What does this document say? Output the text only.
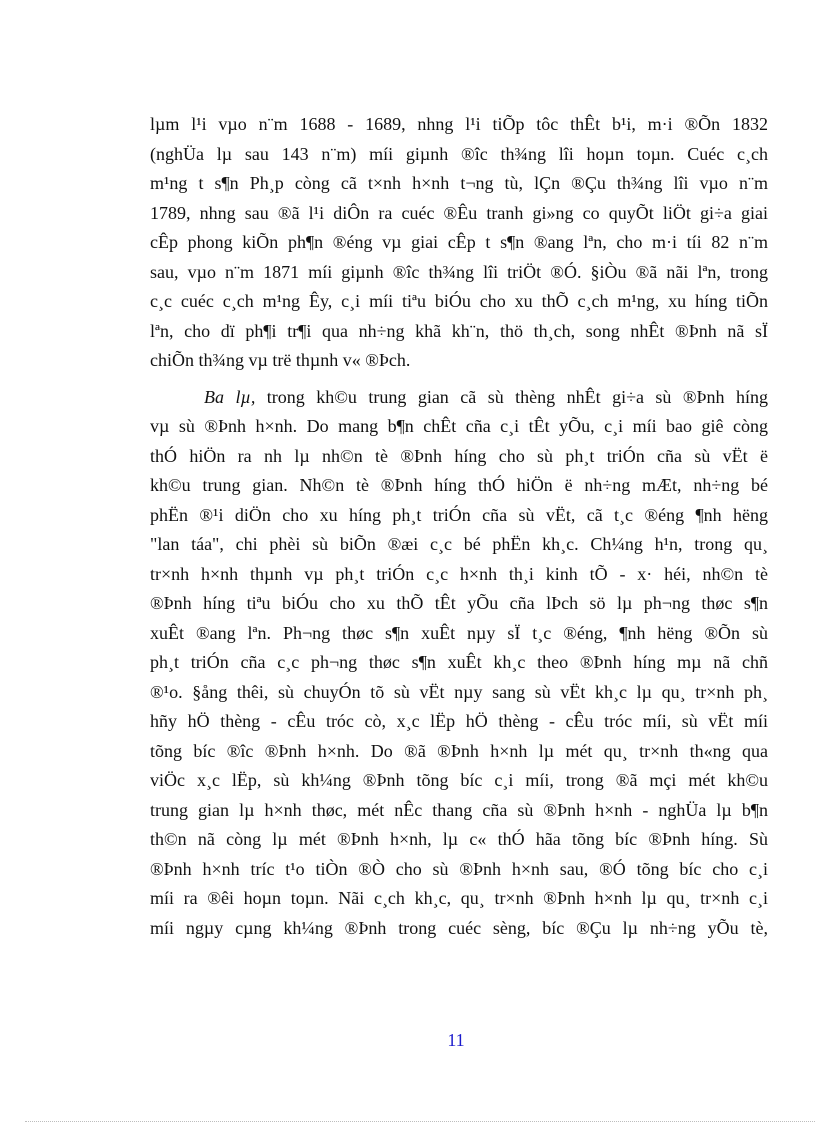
lµm l¹i vµo n¨m 1688 - 1689, nhng l¹i tiÕp tôc thÊt b¹i, m·i ®Õn 1832
(nghÜa lµ sau 143 n¨m) míi giµnh ®îc th¾ng lîi hoµn toµn. Cuéc c¸ch
m¹ng t s¶n Ph¸p còng cã t×nh h×nh t¬ng tù, lÇn ®Çu th¾ng lîi vµo n¨m
1789, nhng sau ®ã l¹i diÔn ra cuéc ®Êu tranh gi»ng co quyÕt liÖt gi÷a giai
cÊp phong kiÕn ph¶n ®éng vµ giai cÊp t s¶n ®ang lªn, cho m·i tíi 82 n¨m
sau, vµo n¨m 1871 míi giµnh ®îc th¾ng lîi triÖt ®Ó. §iÒu ®ã nãi lªn, trong
c¸c cuéc c¸ch m¹ng Êy, c¸i míi tiªu biÓu cho xu thÕ c¸ch m¹ng, xu híng tiÕn
lªn, cho dï ph¶i tr¶i qua nh÷ng khã kh¨n, thö th¸ch, song nhÊt ®Þnh nã sÏ
chiÕn th¾ng vµ trë thµnh v« ®Þch.
Ba lµ, trong kh©u trung gian cã sù thèng nhÊt gi÷a sù ®Þnh híng
vµ sù ®Þnh h×nh. Do mang b¶n chÊt cña c¸i tÊt yÕu, c¸i míi bao giê còng
thÓ hiÖn ra nh lµ nh©n tè ®Þnh híng cho sù ph¸t triÓn cña sù vËt ë
kh©u trung gian. Nh©n tè ®Þnh híng thÓ hiÖn ë nh÷ng mÆt, nh÷ng bé
phËn ®¹i diÖn cho xu híng ph¸t triÓn cña sù vËt, cã t¸c ®éng ¶nh hëng
"lan táa", chi phèi sù biÕn ®æi c¸c bé phËn kh¸c. Ch¼ng h¹n, trong qu¸
tr×nh h×nh thµnh vµ ph¸t triÓn c¸c h×nh th¸i kinh tÕ - x· héi, nh©n tè
®Þnh híng tiªu biÓu cho xu thÕ tÊt yÕu cña lÞch sö lµ ph¬ng thøc s¶n
xuÊt ®ang lªn. Ph¬ng thøc s¶n xuÊt nµy sÏ t¸c ®éng, ¶nh hëng ®Õn sù
ph¸t triÓn cña c¸c ph¬ng thøc s¶n xuÊt kh¸c theo ®Þnh híng mµ nã chñ
®¹o. §ång thêi, sù chuyÓn tõ sù vËt nµy sang sù vËt kh¸c lµ qu¸ tr×nh ph¸
hñy hÖ thèng - cÊu tróc cò, x¸c lËp hÖ thèng - cÊu tróc míi, sù vËt míi
tõng bíc ®îc ®Þnh h×nh. Do ®ã ®Þnh h×nh lµ mét qu¸ tr×nh th«ng qua
viÖc x¸c lËp, sù kh¼ng ®Þnh tõng bíc c¸i míi, trong ®ã mçi mét kh©u
trung gian lµ h×nh thøc, mét nÊc thang cña sù ®Þnh h×nh - nghÜa lµ b¶n
th©n nã còng lµ mét ®Þnh h×nh, lµ c« thÓ hãa tõng bíc ®Þnh híng. Sù
®Þnh h×nh tríc t¹o tiÒn ®Ò cho sù ®Þnh h×nh sau, ®Ó tõng bíc cho c¸i
míi ra ®êi hoµn toµn. Nãi c¸ch kh¸c, qu¸ tr×nh ®Þnh h×nh lµ qu¸ tr×nh c¸i
míi ngµy cµng kh¼ng ®Þnh trong cuéc sèng, bíc ®Çu lµ nh÷ng yÕu tè,
11
